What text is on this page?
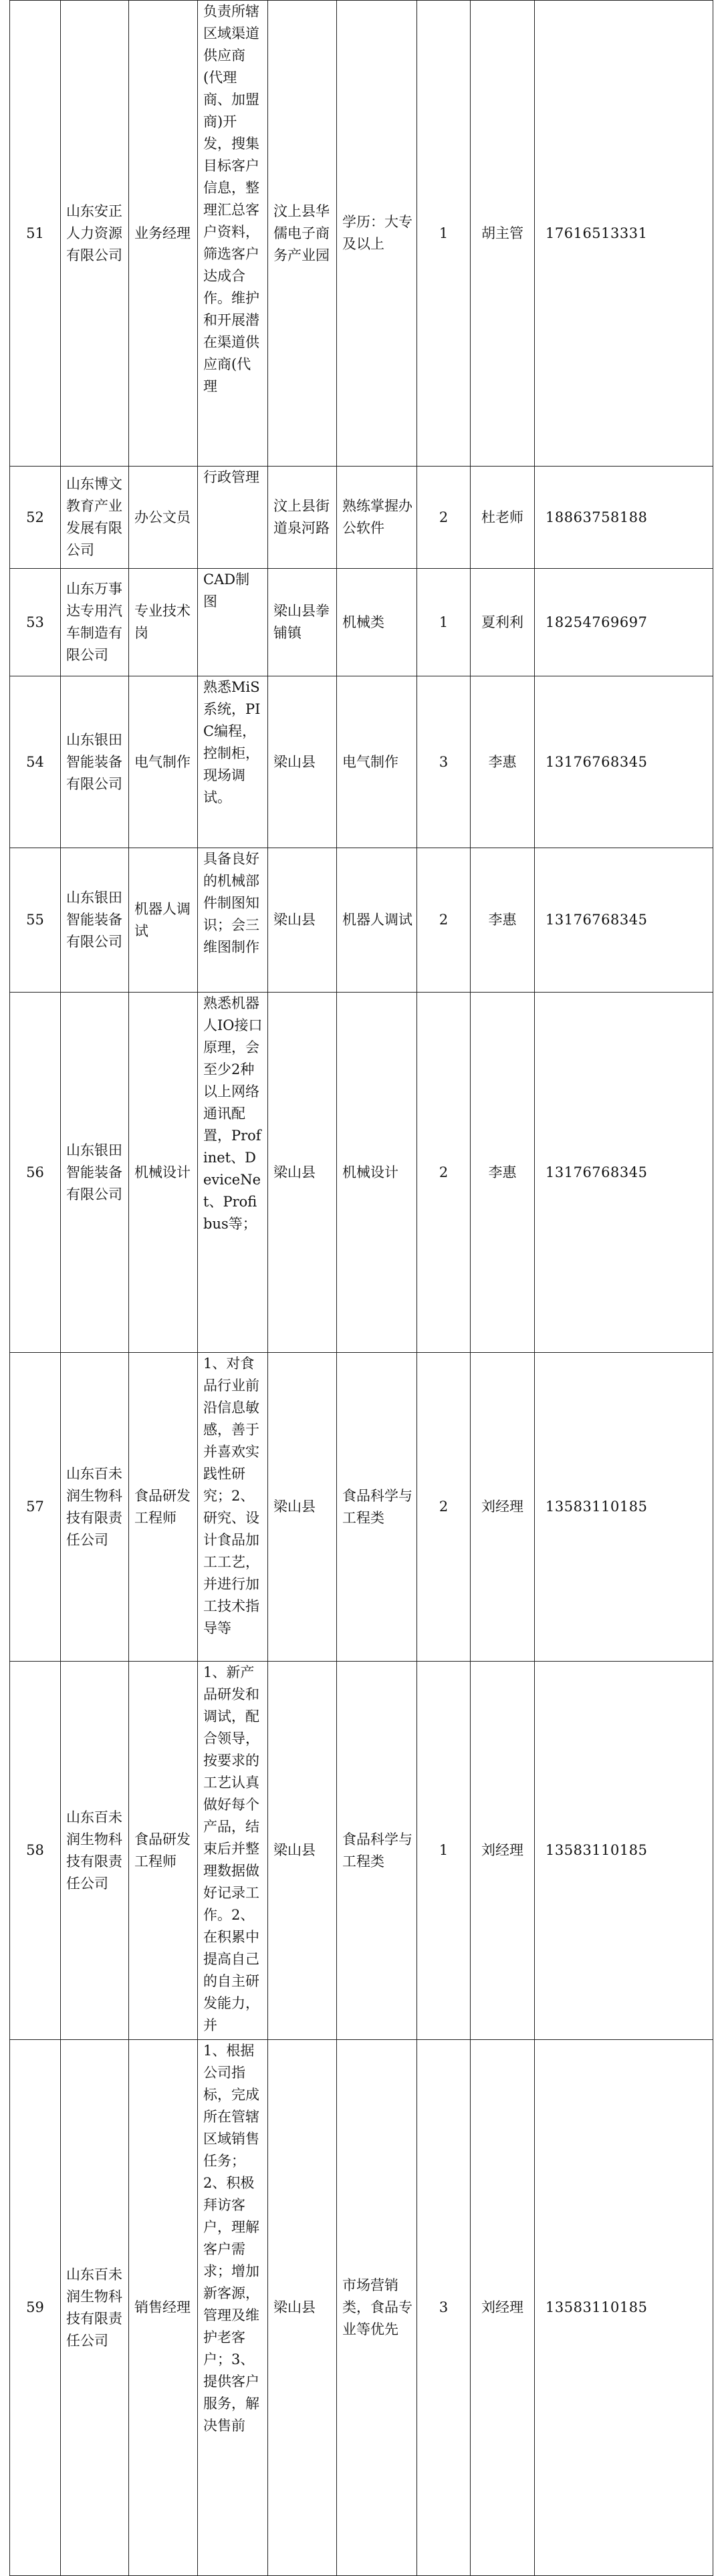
51	山东安正人力资源有限公司	业务经理	负责所辖区域渠道供应商(代理商、加盟商)开发，搜集目标客户信息，整理汇总客户资料，筛选客户达成合作。维护和开展潜在渠道供应商(代理	汶上县华儒电子商务产业园	学历：大专及以上	1	胡主管	17616513331

52	山东博文教育产业发展有限公司	办公文员	行政管理	汶上县街道泉河路	熟练掌握办公软件	2	杜老师	18863758188

53	山东万事达专用汽车制造有限公司	专业技术岗	CAD制图	梁山县拳铺镇	机械类	1	夏利利	18254769697

54	山东银田智能装备有限公司	电气制作	熟悉MiS系统，PIC编程，控制柜，现场调试。	梁山县	电气制作	3	李惠	13176768345

55	山东银田智能装备有限公司	机器人调试	具备良好的机械部件制图知识；会三维图制作	梁山县	机器人调试	2	李惠	13176768345

56	山东银田智能装备有限公司	机械设计	熟悉机器人IO接口原理，会至少2种以上网络通讯配置，Profinet、DeviceNet、Profibus等；	梁山县	机械设计	2	李惠	13176768345

57	山东百未润生物科技有限责任公司	食品研发工程师	1、对食品行业前沿信息敏感，善于并喜欢实践性研究；2、研究、设计食品加工工艺，并进行加工技术指导等	梁山县	食品科学与工程类	2	刘经理	13583110185

58	山东百未润生物科技有限责任公司	食品研发工程师	1、新产品研发和调试，配合领导，按要求的工艺认真做好每个产品，结束后并整理数据做好记录工作。2、在积累中提高自己的自主研发能力，并	梁山县	食品科学与工程类	1	刘经理	13583110185

59	山东百未润生物科技有限责任公司	销售经理	1、根据公司指标，完成所在管辖区域销售任务；2、积极拜访客户，理解客户需求；增加新客源，管理及维护老客户；3、提供客户服务，解决售前	梁山县	市场营销类，食品专业等优先	3	刘经理	13583110185
